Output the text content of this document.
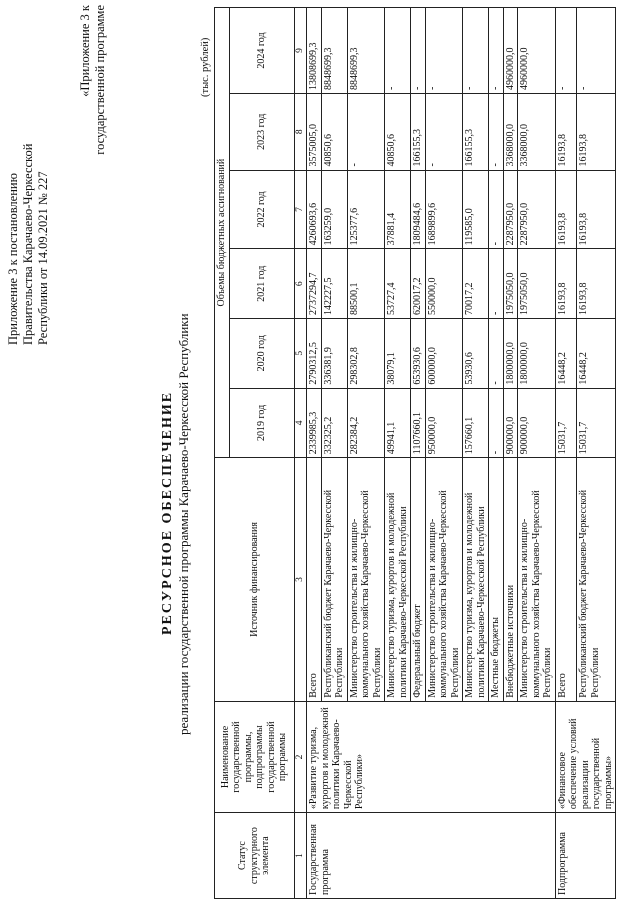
Приложение 3 к постановлению Правительства Карачаево-Черкесской Республики от 14.09.2021 № 227
«Приложение 3 к государственной программе
РЕСУРСНОЕ ОБЕСПЕЧЕНИЕ реализации государственной программы Карачаево-Черкесской Республики
(тыс. рублей)
Статус структурного элемента	Наименование государственной программы, подпрограммы государственной программы	Источник финансирования	Объемы бюджетных ассигнований					
			2019 год	2020 год	2021 год	2022 год	2023 год	2024 год
1	2	3	4	5	6	7	8	9
Государственная программа	«Развитие туризма, курортов и молодежной политики Карачаево-Черкесской Республики»	Всего	2339985,3	2790312,5	2737294,7	4260693,6	3575005,0	13808699,3
		Республиканский бюджет Карачаево-Черкесской Республики	332325,2	336381,9	142227,5	163259,0	40850,6	8848699,3
		Министерство строительства и жилищно-коммунального хозяйства Карачаево-Черкесской Республики	282384,2	298302,8	88500,1	125377,6	-	8848699,3
		Министерство туризма, курортов и молодежной политики Карачаево-Черкесской Республики	49941,1	38079,1	53727,4	37881,4	40850,6	-
		Федеральный бюджет	1107660,1	653930,6	620017,2	1809484,6	166155,3	-
		Министерство строительства и жилищно-коммунального хозяйства Карачаево-Черкесской Республики	950000,0	600000,0	550000,0	1689899,6	-	-
		Министерство туризма, курортов и молодежной политики Карачаево-Черкесской Республики	157660,1	53930,6	70017,2	119585,0	166155,3	-
		Местные бюджеты	-	-	-	-	-	-
		Внебюджетные источники	900000,0	1800000,0	1975050,0	2287950,0	3368000,0	4960000,0
		Министерство строительства и жилищно-коммунального хозяйства Карачаево-Черкесской Республики	900000,0	1800000,0	1975050,0	2287950,0	3368000,0	4960000,0
Подпрограмма	«Финансовое обеспечение условий реализации государственной программы»	Всего	15031,7	16448,2	16193,8	16193,8	16193,8	-
		Республиканский бюджет Карачаево-Черкесской Республики	15031,7	16448,2	16193,8	16193,8	16193,8	-
